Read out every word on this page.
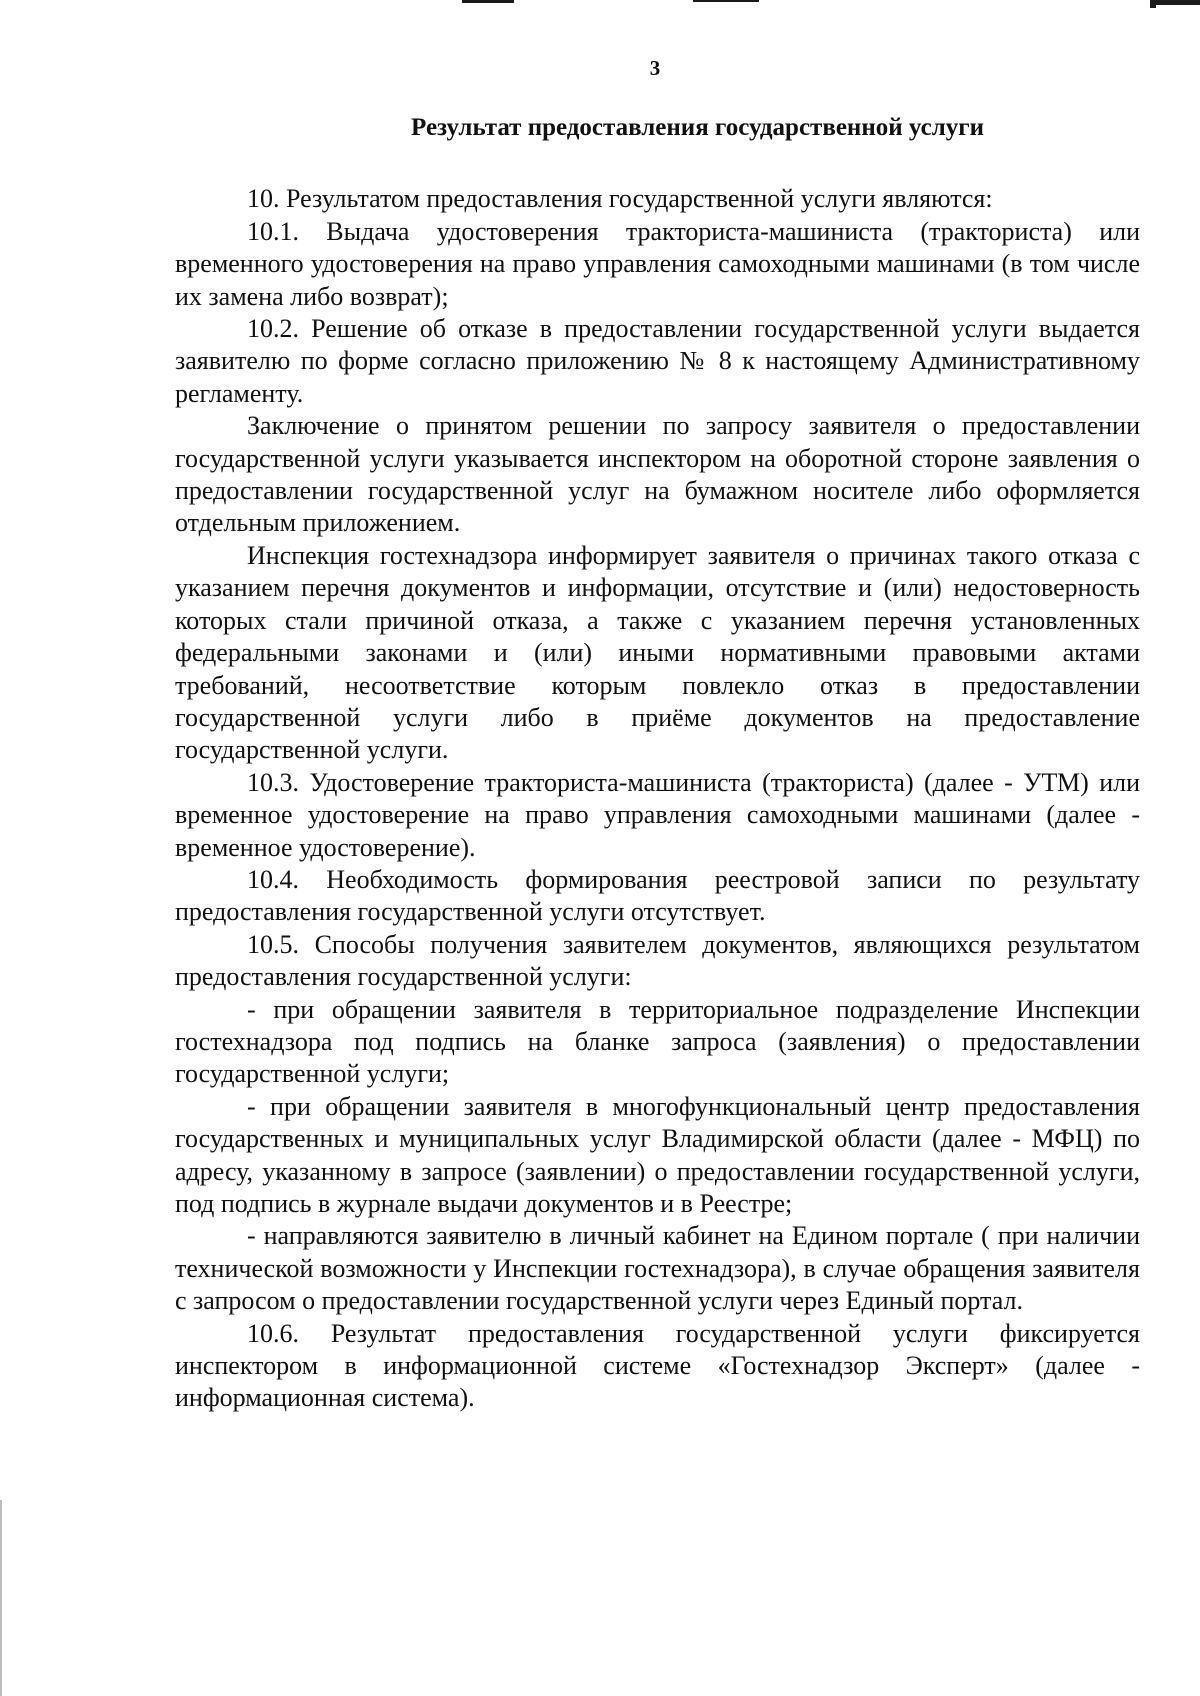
3
Результат предоставления государственной услуги

10. Результатом предоставления государственной услуги являются:

10.1. Выдача удостоверения тракториста-машиниста (тракториста) или временного удостоверения на право управления самоходными машинами (в том числе их замена либо возврат);

10.2. Решение об отказе в предоставлении государственной услуги выдается заявителю по форме согласно приложению № 8 к настоящему Административному регламенту.

Заключение о принятом решении по запросу заявителя о предоставлении государственной услуги указывается инспектором на оборотной стороне заявления о предоставлении государственной услуг на бумажном носителе либо оформляется отдельным приложением.

Инспекция гостехнадзора информирует заявителя о причинах такого отказа с указанием перечня документов и информации, отсутствие и (или) недостоверность которых стали причиной отказа, а также с указанием перечня установленных федеральными законами и (или) иными нормативными правовыми актами требований, несоответствие которым повлекло отказ в предоставлении государственной услуги либо в приёме документов на предоставление государственной услуги.

10.3. Удостоверение тракториста-машиниста (тракториста) (далее - УТМ) или временное удостоверение на право управления самоходными машинами (далее - временное удостоверение).

10.4. Необходимость формирования реестровой записи по результату предоставления государственной услуги отсутствует.

10.5. Способы получения заявителем документов, являющихся результатом предоставления государственной услуги:

- при обращении заявителя в территориальное подразделение Инспекции гостехнадзора под подпись на бланке запроса (заявления) о предоставлении государственной услуги;

- при обращении заявителя в многофункциональный центр предоставления государственных и муниципальных услуг Владимирской области (далее - МФЦ) по адресу, указанному в запросе (заявлении) о предоставлении государственной услуги, под подпись в журнале выдачи документов и в Реестре;

- направляются заявителю в личный кабинет на Едином портале ( при наличии технической возможности у Инспекции гостехнадзора), в случае обращения заявителя с запросом о предоставлении государственной услуги через Единый портал.

10.6. Результат предоставления государственной услуги фиксируется инспектором в информационной системе «Гостехнадзор Эксперт» (далее - информационная система).
